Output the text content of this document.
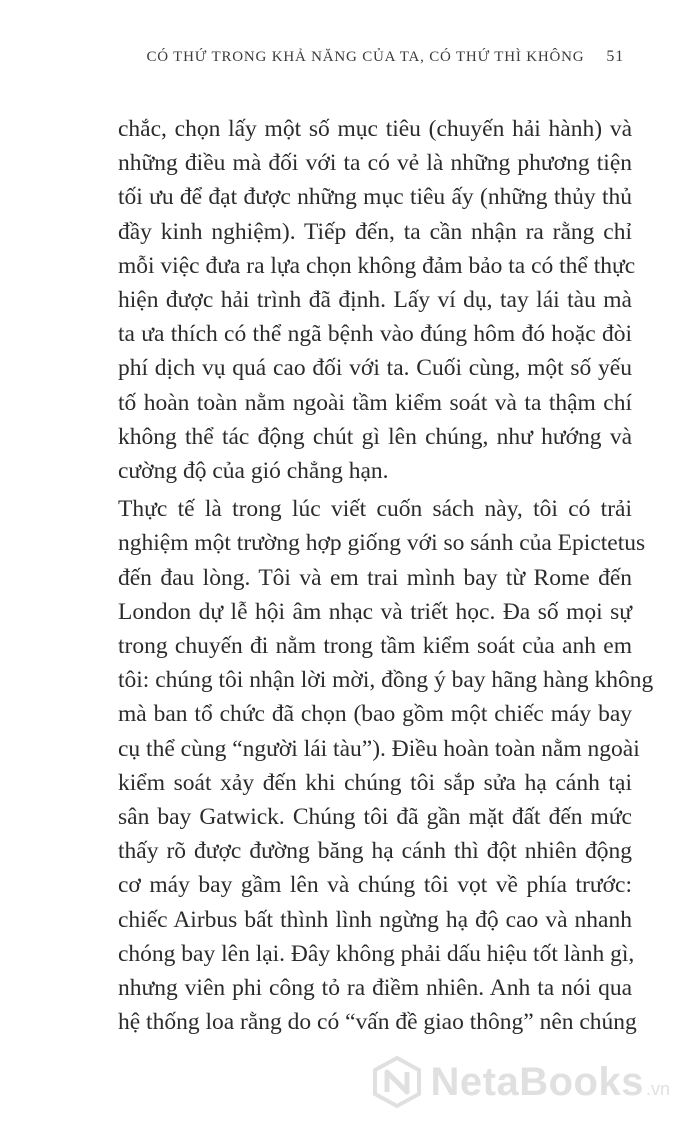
CÓ THỨ TRONG KHẢ NĂNG CỦA TA, CÓ THỨ THÌ KHÔNG 51

chắc, chọn lấy một số mục tiêu (chuyến hải hành) và
những điều mà đối với ta có vẻ là những phương tiện
tối ưu để đạt được những mục tiêu ấy (những thủy thủ
đầy kinh nghiệm). Tiếp đến, ta cần nhận ra rằng chỉ
mỗi việc đưa ra lựa chọn không đảm bảo ta có thể thực
hiện được hải trình đã định. Lấy ví dụ, tay lái tàu mà
ta ưa thích có thể ngã bệnh vào đúng hôm đó hoặc đòi
phí dịch vụ quá cao đối với ta. Cuối cùng, một số yếu
tố hoàn toàn nằm ngoài tầm kiểm soát và ta thậm chí
không thể tác động chút gì lên chúng, như hướng và
cường độ của gió chẳng hạn.

Thực tế là trong lúc viết cuốn sách này, tôi có trải
nghiệm một trường hợp giống với so sánh của Epictetus
đến đau lòng. Tôi và em trai mình bay từ Rome đến
London dự lễ hội âm nhạc và triết học. Đa số mọi sự
trong chuyến đi nằm trong tầm kiểm soát của anh em
tôi: chúng tôi nhận lời mời, đồng ý bay hãng hàng không
mà ban tổ chức đã chọn (bao gồm một chiếc máy bay
cụ thể cùng “người lái tàu”). Điều hoàn toàn nằm ngoài
kiểm soát xảy đến khi chúng tôi sắp sửa hạ cánh tại
sân bay Gatwick. Chúng tôi đã gần mặt đất đến mức
thấy rõ được đường băng hạ cánh thì đột nhiên động
cơ máy bay gầm lên và chúng tôi vọt về phía trước:
chiếc Airbus bất thình lình ngừng hạ độ cao và nhanh
chóng bay lên lại. Đây không phải dấu hiệu tốt lành gì,
nhưng viên phi công tỏ ra điềm nhiên. Anh ta nói qua
hệ thống loa rằng do có “vấn đề giao thông” nên chúng

NetaBooks .vn
